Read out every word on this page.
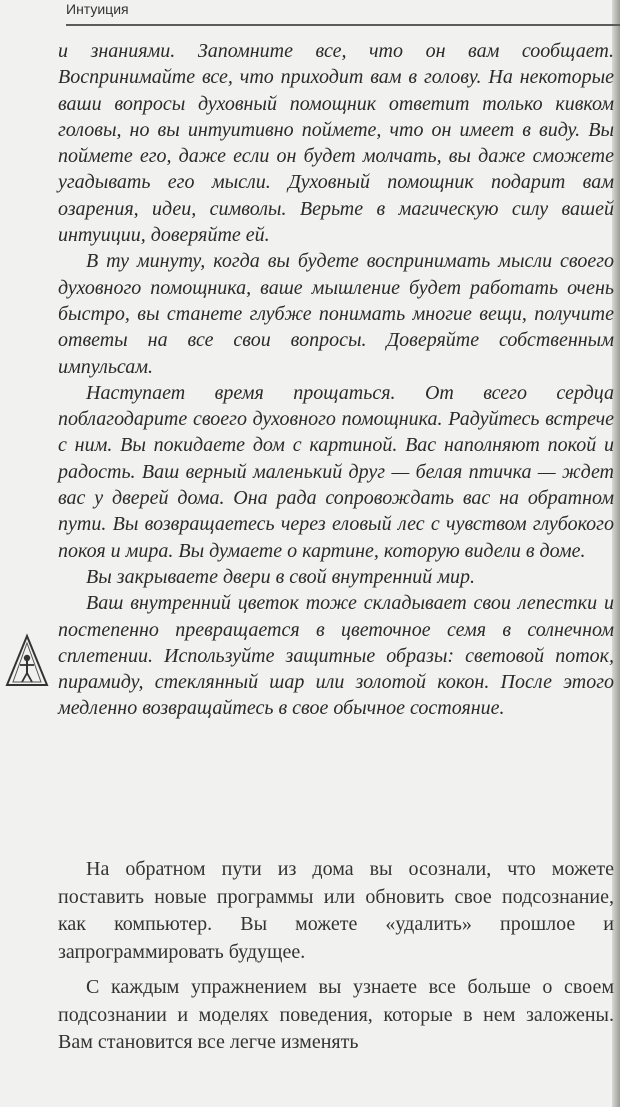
Интуиция

и знаниями. Запомните все, что он вам сообщает. Воспринимайте все, что приходит вам в голову. На некоторые ваши вопросы духовный помощник ответит только кивком головы, но вы интуитивно поймете, что он имеет в виду. Вы поймете его, даже если он будет молчать, вы даже сможете угадывать его мысли. Духовный помощник подарит вам озарения, идеи, символы. Верьте в магическую силу вашей интуиции, доверяйте ей.

В ту минуту, когда вы будете воспринимать мысли своего духовного помощника, ваше мышление будет работать очень быстро, вы станете глубже понимать многие вещи, получите ответы на все свои вопросы. Доверяйте собственным импульсам.

Наступает время прощаться. От всего сердца поблагодарите своего духовного помощника. Радуйтесь встрече с ним. Вы покидаете дом с картиной. Вас наполняют покой и радость. Ваш верный маленький друг — белая птичка — ждет вас у дверей дома. Она рада сопровождать вас на обратном пути. Вы возвращаетесь через еловый лес с чувством глубокого покоя и мира. Вы думаете о картине, которую видели в доме.

Вы закрываете двери в свой внутренний мир.

Ваш внутренний цветок тоже складывает свои лепестки и постепенно превращается в цветочное семя в солнечном сплетении. Используйте защитные образы: световой поток, пирамиду, стеклянный шар или золотой кокон. После этого медленно возвращайтесь в свое обычное состояние.

На обратном пути из дома вы осознали, что можете поставить новые программы или обновить свое подсознание, как компьютер. Вы можете «удалить» прошлое и запрограммировать будущее.

С каждым упражнением вы узнаете все больше о своем подсознании и моделях поведения, которые в нем заложены. Вам становится все легче изменять
